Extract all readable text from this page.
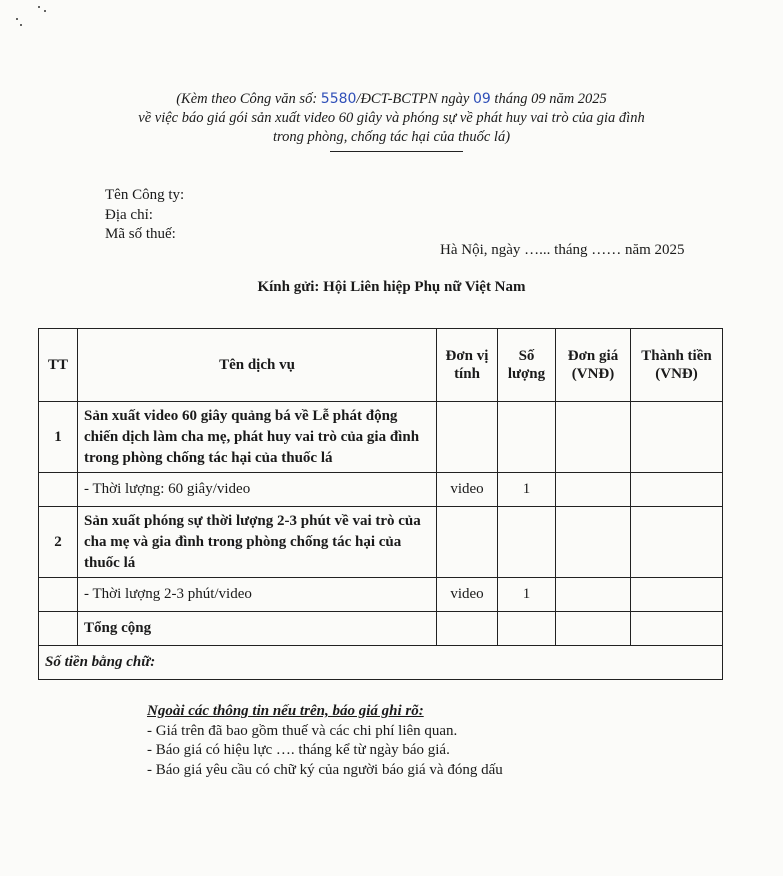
(Kèm theo Công văn số: 5580/ĐCT-BCTPN ngày 09 tháng 09 năm 2025
về việc báo giá gói sản xuất video 60 giây và phóng sự về phát huy vai trò của gia đình
trong phòng, chống tác hại của thuốc lá)
Tên Công ty:
Địa chỉ:
Mã số thuế:
Hà Nội, ngày …... tháng …… năm 2025
Kính gửi: Hội Liên hiệp Phụ nữ Việt Nam
TT	Tên dịch vụ	Đơn vị tính	Số lượng	Đơn giá (VNĐ)	Thành tiền (VNĐ)
1	Sản xuất video 60 giây quảng bá về Lễ phát động chiến dịch làm cha mẹ, phát huy vai trò của gia đình trong phòng chống tác hại của thuốc lá				
	- Thời lượng: 60 giây/video	video	1		
2	Sản xuất phóng sự thời lượng 2-3 phút về vai trò của cha mẹ và gia đình trong phòng chống tác hại của thuốc lá				
	- Thời lượng 2-3 phút/video	video	1		
	Tổng cộng				
Số tiền bằng chữ:					
Ngoài các thông tin nếu trên, báo giá ghi rõ:
- Giá trên đã bao gồm thuế và các chi phí liên quan.
- Báo giá có hiệu lực …. tháng kể từ ngày báo giá.
- Báo giá yêu cầu có chữ ký của người báo giá và đóng dấu
